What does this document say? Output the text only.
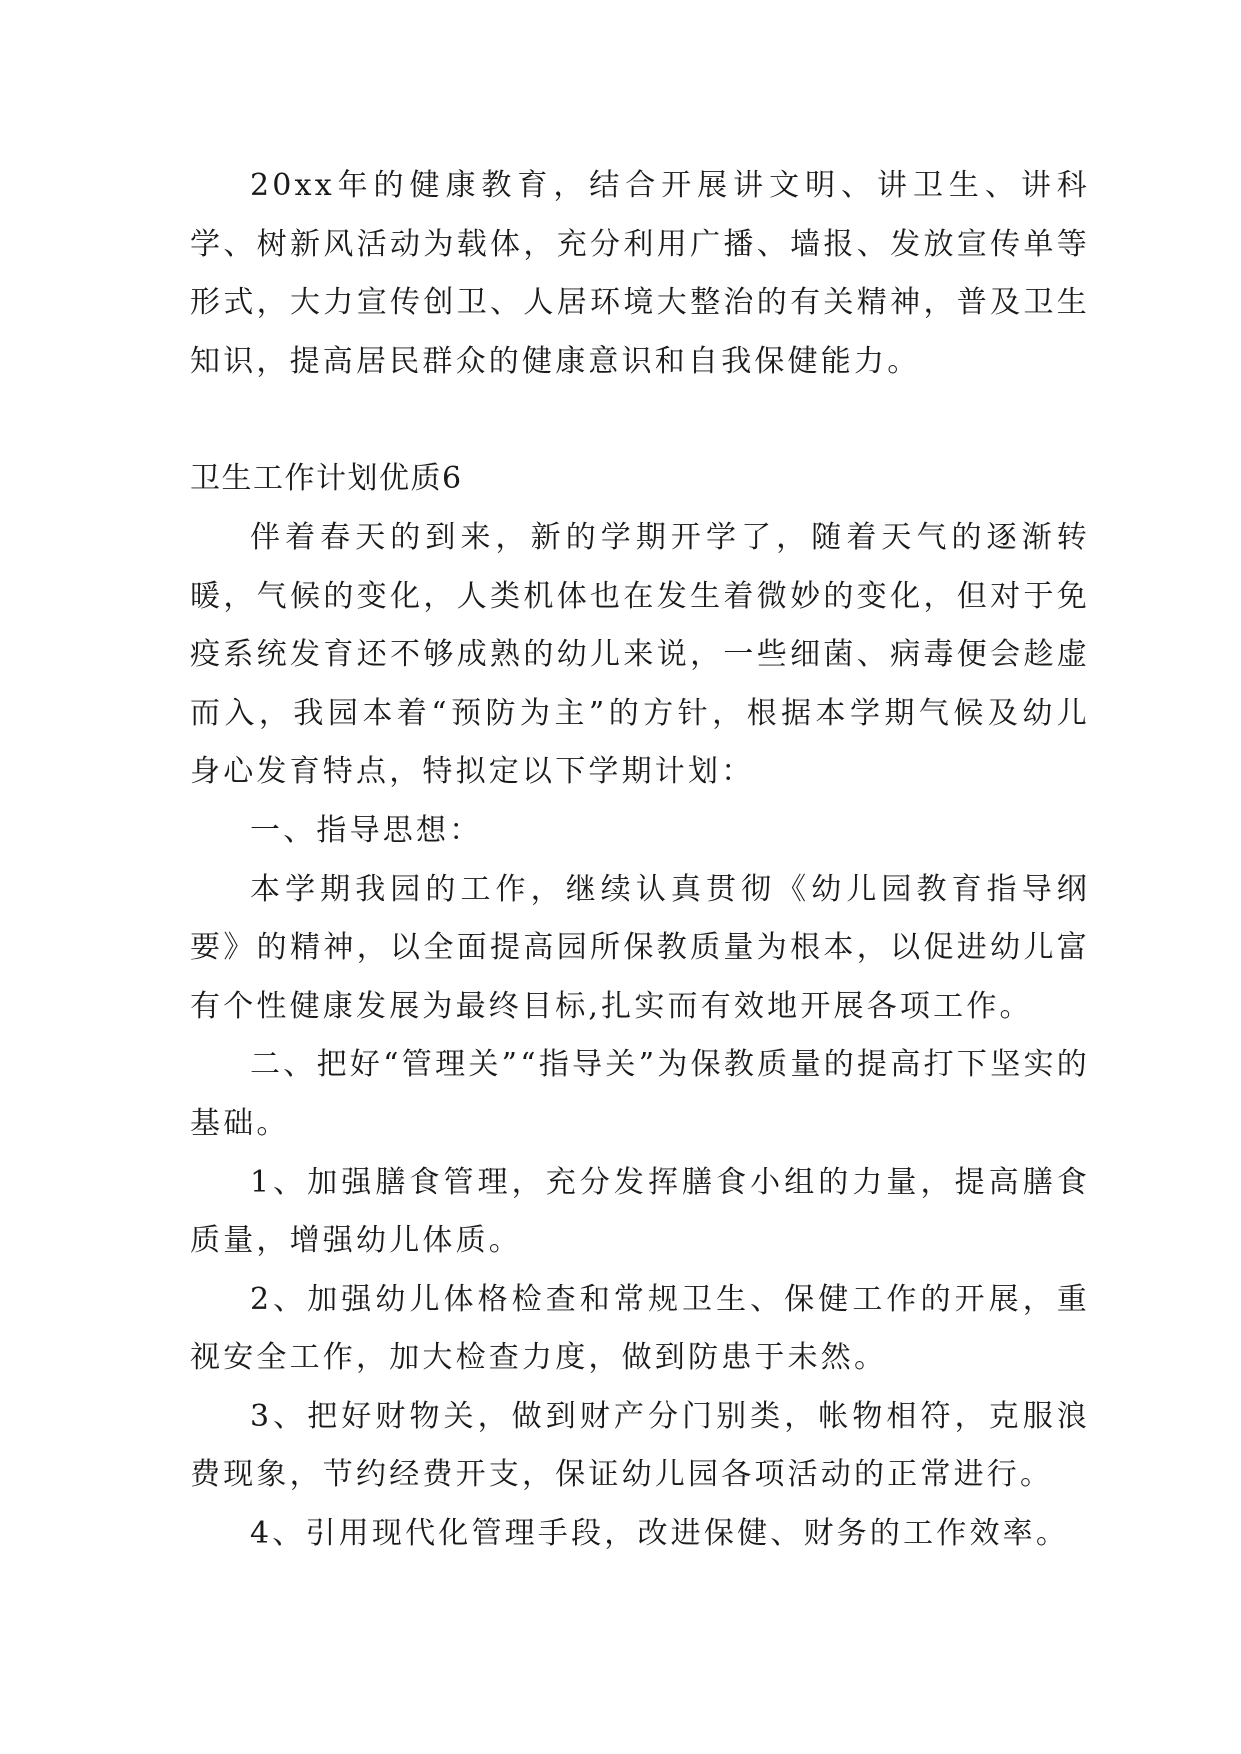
20xx年的健康教育，结合开展讲文明、讲卫生、讲科学、树新风活动为载体，充分利用广播、墙报、发放宣传单等形式，大力宣传创卫、人居环境大整治的有关精神，普及卫生知识，提高居民群众的健康意识和自我保健能力。

卫生工作计划优质6

伴着春天的到来，新的学期开学了，随着天气的逐渐转暖，气候的变化，人类机体也在发生着微妙的变化，但对于免疫系统发育还不够成熟的幼儿来说，一些细菌、病毒便会趁虚而入，我园本着“预防为主”的方针，根据本学期气候及幼儿身心发育特点，特拟定以下学期计划：

一、指导思想：

本学期我园的工作，继续认真贯彻《幼儿园教育指导纲要》的精神，以全面提高园所保教质量为根本，以促进幼儿富有个性健康发展为最终目标,扎实而有效地开展各项工作。

二、把好“管理关”“指导关”为保教质量的提高打下坚实的基础。

1、加强膳食管理，充分发挥膳食小组的力量，提高膳食质量，增强幼儿体质。

2、加强幼儿体格检查和常规卫生、保健工作的开展，重视安全工作，加大检查力度，做到防患于未然。

3、把好财物关，做到财产分门别类，帐物相符，克服浪费现象，节约经费开支，保证幼儿园各项活动的正常进行。

4、引用现代化管理手段，改进保健、财务的工作效率。
